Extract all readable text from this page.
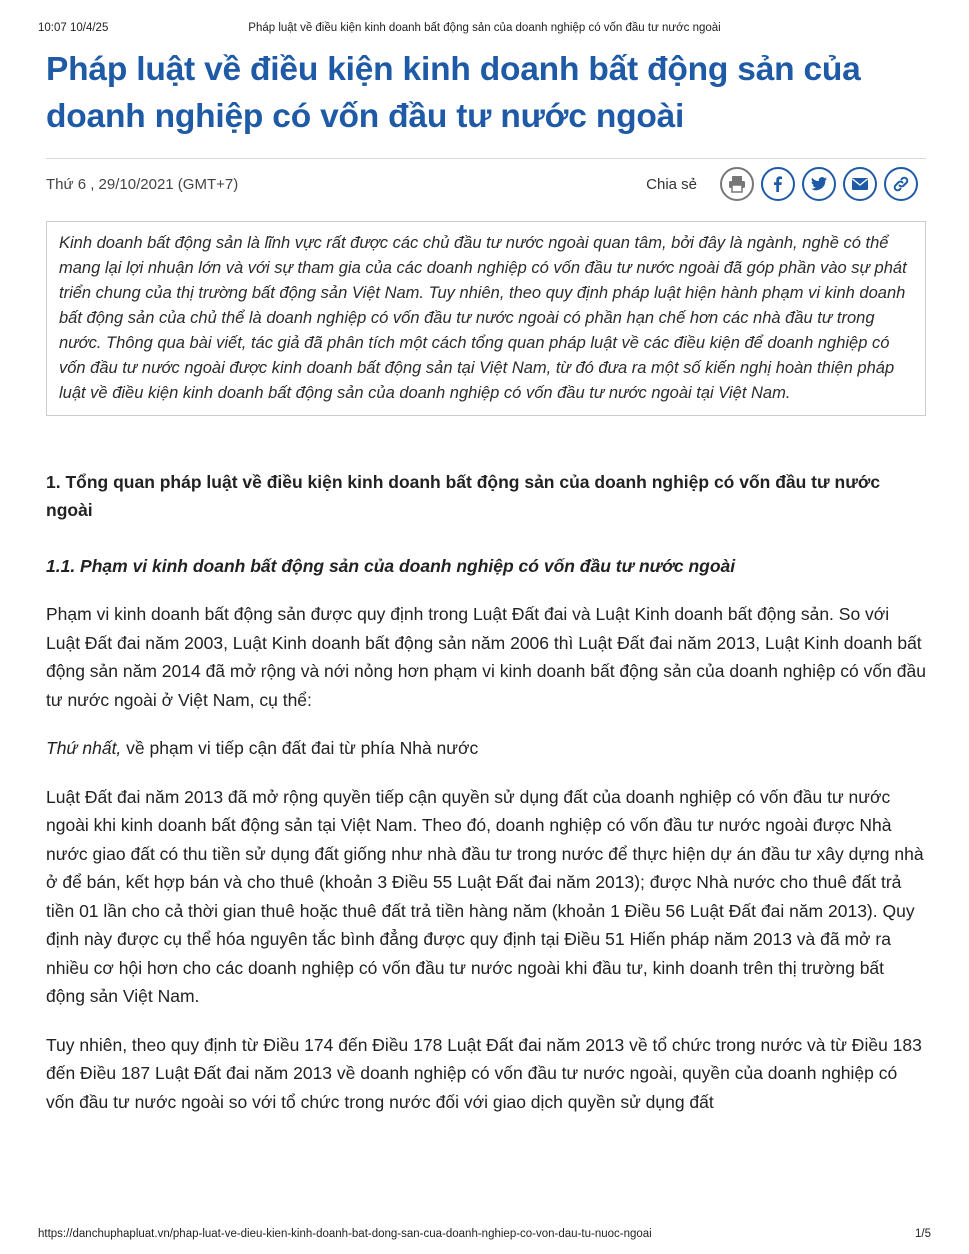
10:07 10/4/25	Pháp luật về điều kiện kinh doanh bất động sản của doanh nghiệp có vốn đầu tư nước ngoài
Pháp luật về điều kiện kinh doanh bất động sản của doanh nghiệp có vốn đầu tư nước ngoài
Thứ 6 , 29/10/2021 (GMT+7)	Chia sẻ
Kinh doanh bất động sản là lĩnh vực rất được các chủ đầu tư nước ngoài quan tâm, bởi đây là ngành, nghề có thể mang lại lợi nhuận lớn và với sự tham gia của các doanh nghiệp có vốn đầu tư nước ngoài đã góp phần vào sự phát triển chung của thị trường bất động sản Việt Nam. Tuy nhiên, theo quy định pháp luật hiện hành phạm vi kinh doanh bất động sản của chủ thể là doanh nghiệp có vốn đầu tư nước ngoài có phần hạn chế hơn các nhà đầu tư trong nước. Thông qua bài viết, tác giả đã phân tích một cách tổng quan pháp luật về các điều kiện để doanh nghiệp có vốn đầu tư nước ngoài được kinh doanh bất động sản tại Việt Nam, từ đó đưa ra một số kiến nghị hoàn thiện pháp luật về điều kiện kinh doanh bất động sản của doanh nghiệp có vốn đầu tư nước ngoài tại Việt Nam.
1. Tổng quan pháp luật về điều kiện kinh doanh bất động sản của doanh nghiệp có vốn đầu tư nước ngoài
1.1. Phạm vi kinh doanh bất động sản của doanh nghiệp có vốn đầu tư nước ngoài
Phạm vi kinh doanh bất động sản được quy định trong Luật Đất đai và Luật Kinh doanh bất động sản. So với Luật Đất đai năm 2003, Luật Kinh doanh bất động sản năm 2006 thì Luật Đất đai năm 2013, Luật Kinh doanh bất động sản năm 2014 đã mở rộng và nới nỏng hơn phạm vi kinh doanh bất động sản của doanh nghiệp có vốn đầu tư nước ngoài ở Việt Nam, cụ thể:
Thứ nhất, về phạm vi tiếp cận đất đai từ phía Nhà nước
Luật Đất đai năm 2013 đã mở rộng quyền tiếp cận quyền sử dụng đất của doanh nghiệp có vốn đầu tư nước ngoài khi kinh doanh bất động sản tại Việt Nam. Theo đó, doanh nghiệp có vốn đầu tư nước ngoài được Nhà nước giao đất có thu tiền sử dụng đất giống như nhà đầu tư trong nước để thực hiện dự án đầu tư xây dựng nhà ở để bán, kết hợp bán và cho thuê (khoản 3 Điều 55 Luật Đất đai năm 2013); được Nhà nước cho thuê đất trả tiền 01 lần cho cả thời gian thuê hoặc thuê đất trả tiền hàng năm (khoản 1 Điều 56 Luật Đất đai năm 2013). Quy định này được cụ thể hóa nguyên tắc bình đẳng được quy định tại Điều 51 Hiến pháp năm 2013 và đã mở ra nhiều cơ hội hơn cho các doanh nghiệp có vốn đầu tư nước ngoài khi đầu tư, kinh doanh trên thị trường bất động sản Việt Nam.
Tuy nhiên, theo quy định từ Điều 174 đến Điều 178 Luật Đất đai năm 2013 về tổ chức trong nước và từ Điều 183 đến Điều 187 Luật Đất đai năm 2013 về doanh nghiệp có vốn đầu tư nước ngoài, quyền của doanh nghiệp có vốn đầu tư nước ngoài so với tổ chức trong nước đối với giao dịch quyền sử dụng đất
https://danchuphapluat.vn/phap-luat-ve-dieu-kien-kinh-doanh-bat-dong-san-cua-doanh-nghiep-co-von-dau-tu-nuoc-ngoai	1/5
